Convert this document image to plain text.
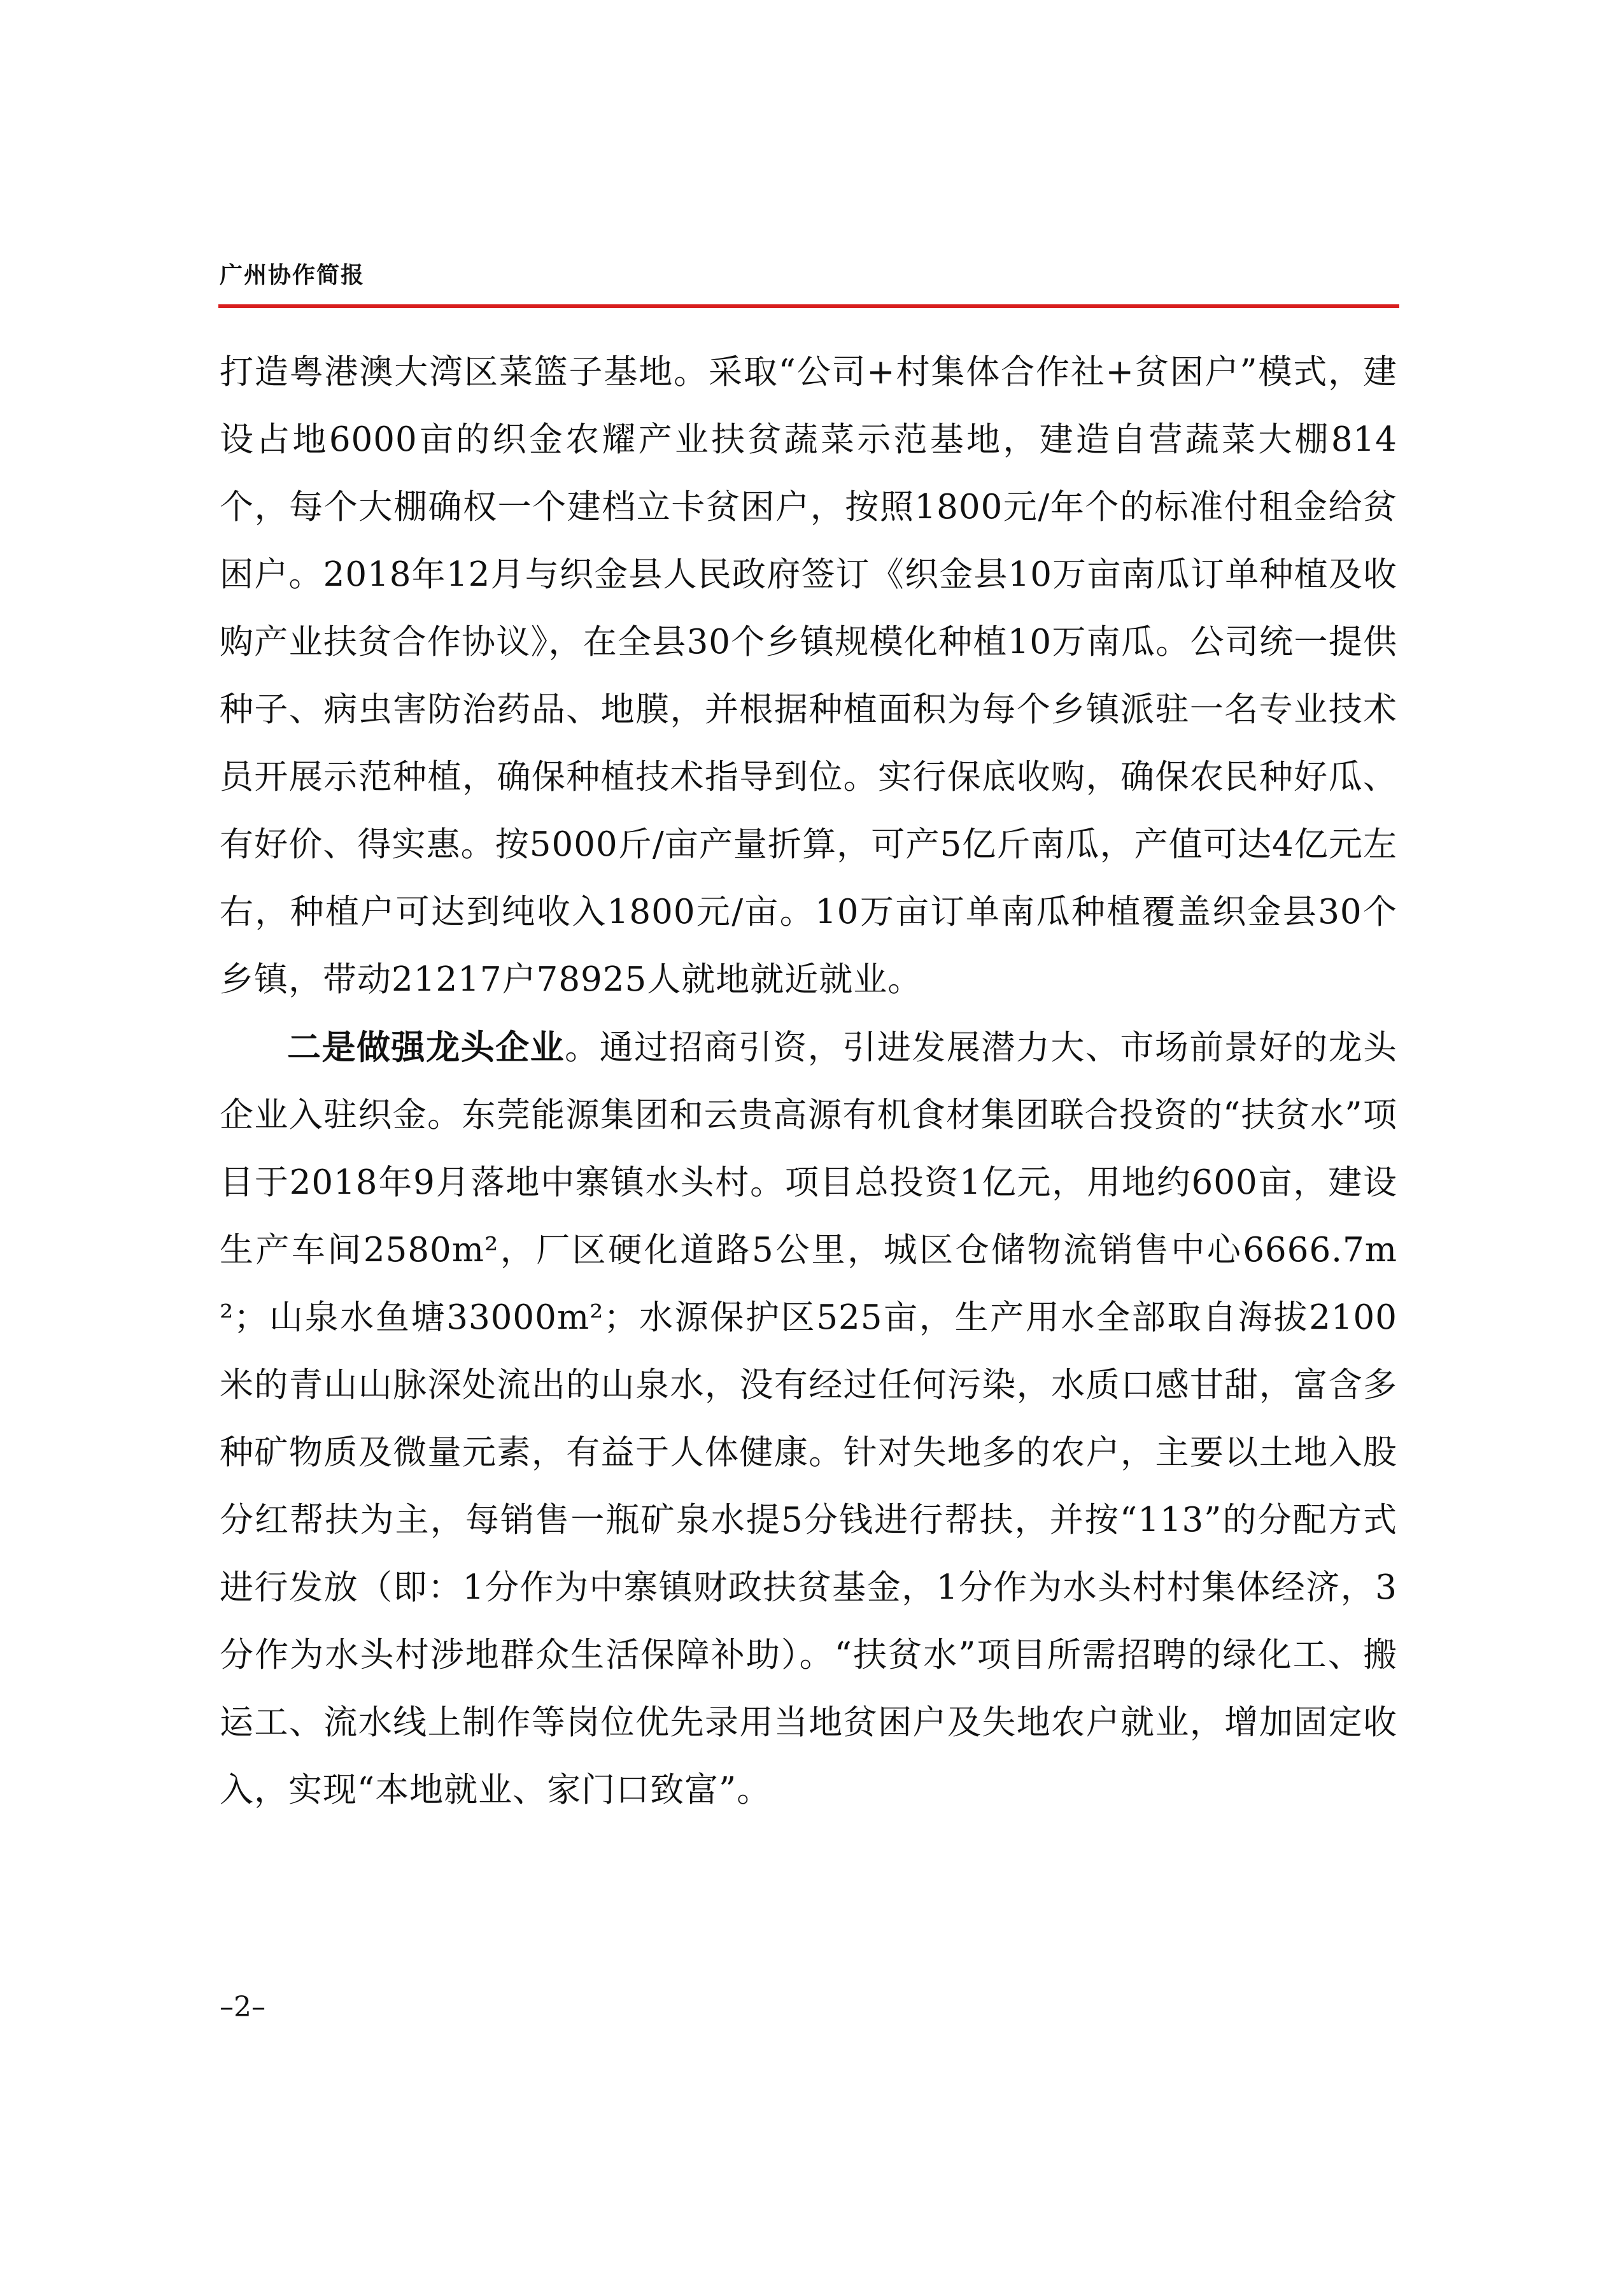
广州协作简报

打造粤港澳大湾区菜篮子基地。采取“公司+村集体合作社+贫困户”模式，建设占地6000亩的织金农耀产业扶贫蔬菜示范基地，建造自营蔬菜大棚814个，每个大棚确权一个建档立卡贫困户，按照1800元/年个的标准付租金给贫困户。2018年12月与织金县人民政府签订《织金县10万亩南瓜订单种植及收购产业扶贫合作协议》，在全县30个乡镇规模化种植10万南瓜。公司统一提供种子、病虫害防治药品、地膜，并根据种植面积为每个乡镇派驻一名专业技术员开展示范种植，确保种植技术指导到位。实行保底收购，确保农民种好瓜、有好价、得实惠。按5000斤/亩产量折算，可产5亿斤南瓜，产值可达4亿元左右，种植户可达到纯收入1800元/亩。10万亩订单南瓜种植覆盖织金县30个乡镇，带动21217户78925人就地就近就业。

二是做强龙头企业。通过招商引资，引进发展潜力大、市场前景好的龙头企业入驻织金。东莞能源集团和云贵高源有机食材集团联合投资的“扶贫水”项目于2018年9月落地中寨镇水头村。项目总投资1亿元，用地约600亩，建设生产车间2580m²，厂区硬化道路5公里，城区仓储物流销售中心6666.7m²；山泉水鱼塘33000m²；水源保护区525亩，生产用水全部取自海拔2100米的青山山脉深处流出的山泉水，没有经过任何污染，水质口感甘甜，富含多种矿物质及微量元素，有益于人体健康。针对失地多的农户，主要以土地入股分红帮扶为主，每销售一瓶矿泉水提5分钱进行帮扶，并按“113”的分配方式进行发放（即：1分作为中寨镇财政扶贫基金，1分作为水头村村集体经济，3分作为水头村涉地群众生活保障补助）。“扶贫水”项目所需招聘的绿化工、搬运工、流水线上制作等岗位优先录用当地贫困户及失地农户就业，增加固定收入，实现“本地就业、家门口致富”。

–2–
